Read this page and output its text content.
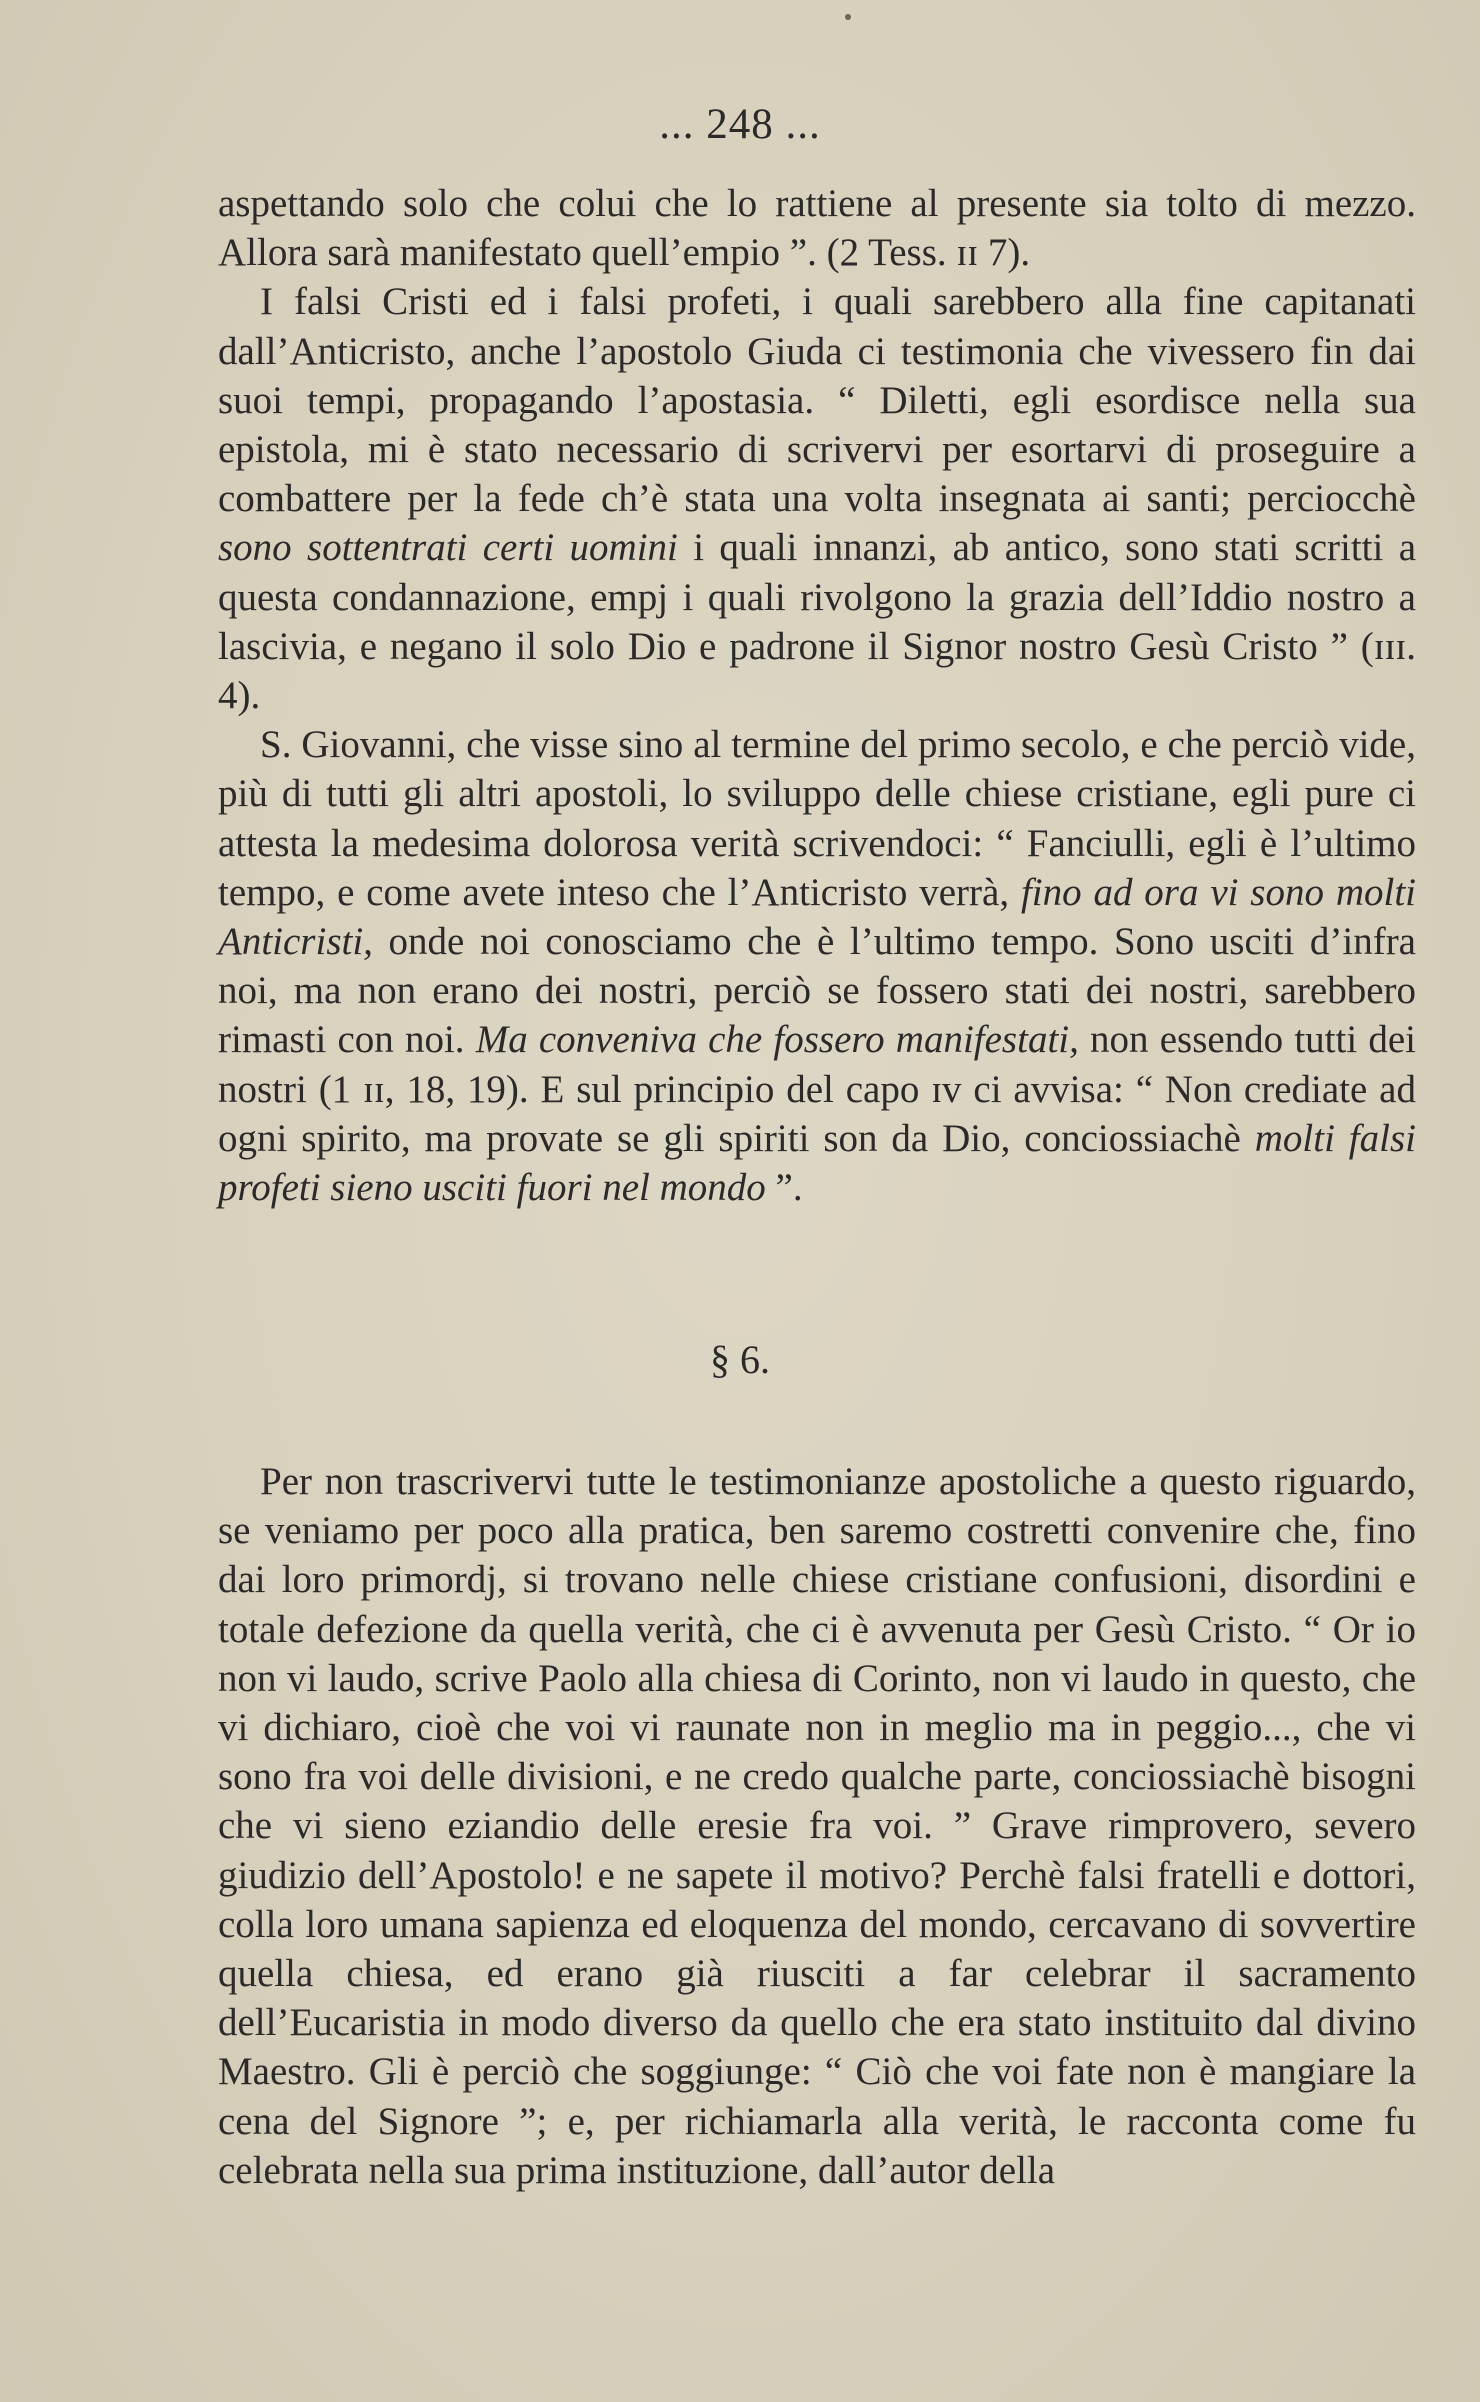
... 248 ...

aspettando solo che colui che lo rattiene al presente sia tolto di mezzo. Allora sarà manifestato quell’empio ”. (2 Tess. ɪɪ 7).

I falsi Cristi ed i falsi profeti, i quali sarebbero alla fine capitanati dall’Anticristo, anche l’apostolo Giuda ci testimonia che vivessero fin dai suoi tempi, propagando l’apostasia. “ Diletti, egli esordisce nella sua epistola, mi è stato necessario di scrivervi per esortarvi di proseguire a combattere per la fede ch’è stata una volta insegnata ai santi; perciocchè sono sottentrati certi uomini i quali innanzi, ab antico, sono stati scritti a questa condannazione, empj i quali rivolgono la grazia dell’Iddio nostro a lascivia, e negano il solo Dio e padrone il Signor nostro Gesù Cristo ” (ɪɪɪ. 4).

S. Giovanni, che visse sino al termine del primo secolo, e che perciò vide, più di tutti gli altri apostoli, lo sviluppo delle chiese cristiane, egli pure ci attesta la medesima dolorosa verità scrivendoci: “ Fanciulli, egli è l’ultimo tempo, e come avete inteso che l’Anticristo verrà, fino ad ora vi sono molti Anticristi, onde noi conosciamo che è l’ultimo tempo. Sono usciti d’infra noi, ma non erano dei nostri, perciò se fossero stati dei nostri, sarebbero rimasti con noi. Ma conveniva che fossero manifestati, non essendo tutti dei nostri (1 ɪɪ, 18, 19). E sul principio del capo ɪᴠ ci avvisa: “ Non crediate ad ogni spirito, ma provate se gli spiriti son da Dio, conciossiachè molti falsi profeti sieno usciti fuori nel mondo ”.

§ 6.

Per non trascrivervi tutte le testimonianze apostoliche a questo riguardo, se veniamo per poco alla pratica, ben saremo costretti convenire che, fino dai loro primordj, si trovano nelle chiese cristiane confusioni, disordini e totale defezione da quella verità, che ci è avvenuta per Gesù Cristo. “ Or io non vi laudo, scrive Paolo alla chiesa di Corinto, non vi laudo in questo, che vi dichiaro, cioè che voi vi raunate non in meglio ma in peggio..., che vi sono fra voi delle divisioni, e ne credo qualche parte, conciossiachè bisogni che vi sieno eziandio delle eresie fra voi. ” Grave rimprovero, severo giudizio dell’Apostolo! e ne sapete il motivo? Perchè falsi fratelli e dottori, colla loro umana sapienza ed eloquenza del mondo, cercavano di sovvertire quella chiesa, ed erano già riusciti a far celebrar il sacramento dell’Eucaristia in modo diverso da quello che era stato instituito dal divino Maestro. Gli è perciò che soggiunge: “ Ciò che voi fate non è mangiare la cena del Signore ”; e, per richiamarla alla verità, le racconta come fu celebrata nella sua prima instituzione, dall’autor della
